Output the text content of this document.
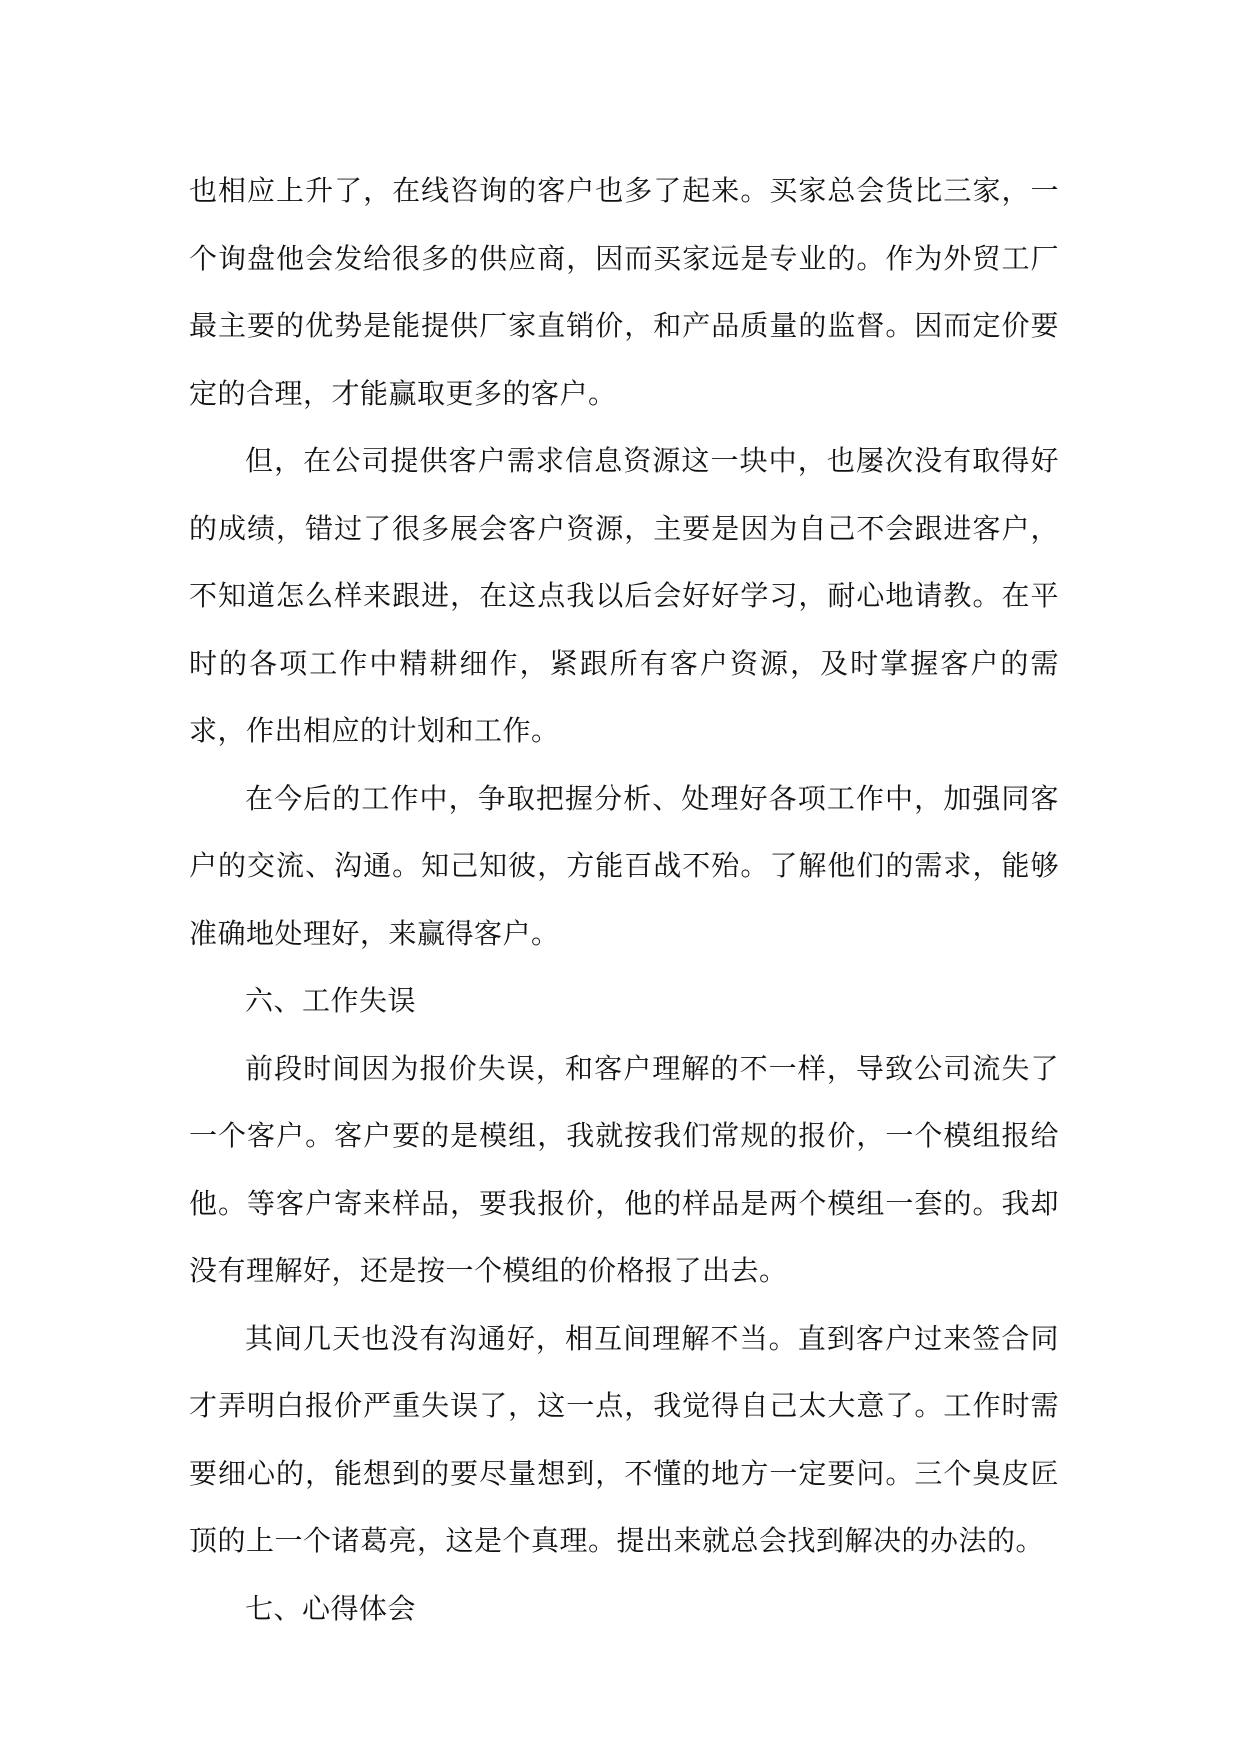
也相应上升了，在线咨询的客户也多了起来。买家总会货比三家，一个询盘他会发给很多的供应商，因而买家远是专业的。作为外贸工厂最主要的优势是能提供厂家直销价，和产品质量的监督。因而定价要定的合理，才能赢取更多的客户。

但，在公司提供客户需求信息资源这一块中，也屡次没有取得好的成绩，错过了很多展会客户资源，主要是因为自己不会跟进客户，不知道怎么样来跟进，在这点我以后会好好学习，耐心地请教。在平时的各项工作中精耕细作，紧跟所有客户资源，及时掌握客户的需求，作出相应的计划和工作。

在今后的工作中，争取把握分析、处理好各项工作中，加强同客户的交流、沟通。知己知彼，方能百战不殆。了解他们的需求，能够准确地处理好，来赢得客户。

六、工作失误

前段时间因为报价失误，和客户理解的不一样，导致公司流失了一个客户。客户要的是模组，我就按我们常规的报价，一个模组报给他。等客户寄来样品，要我报价，他的样品是两个模组一套的。我却没有理解好，还是按一个模组的价格报了出去。

其间几天也没有沟通好，相互间理解不当。直到客户过来签合同才弄明白报价严重失误了，这一点，我觉得自己太大意了。工作时需要细心的，能想到的要尽量想到，不懂的地方一定要问。三个臭皮匠顶的上一个诸葛亮，这是个真理。提出来就总会找到解决的办法的。

七、心得体会
